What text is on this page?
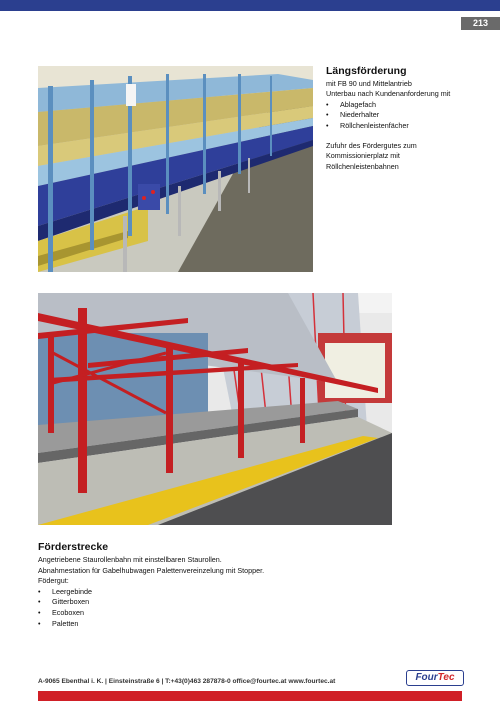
213
Längsförderung
mit FB 90 und Mittelantrieb
Unterbau nach Kundenanforderung mit
• Ablagefach
• Niederhalter
• Röllchenleistenfächer
Zufuhr des Fördergutes zum
Kommissionierplatz mit
Röllchenleistenbahnen
Förderstrecke
Angetriebene Staurollenbahn mit einstellbaren Staurollen.
Abnahmestation für Gabelhubwagen Palettenvereinzelung mit Stopper.
Födergut:
• Leergebinde
• Gitterboxen
• Ecoboxen
• Paletten
A-9065 Ebenthal i. K. | Einsteinstraße 6 | T:+43(0)463 287878-0 office@fourtec.at www.fourtec.at	FourTec
